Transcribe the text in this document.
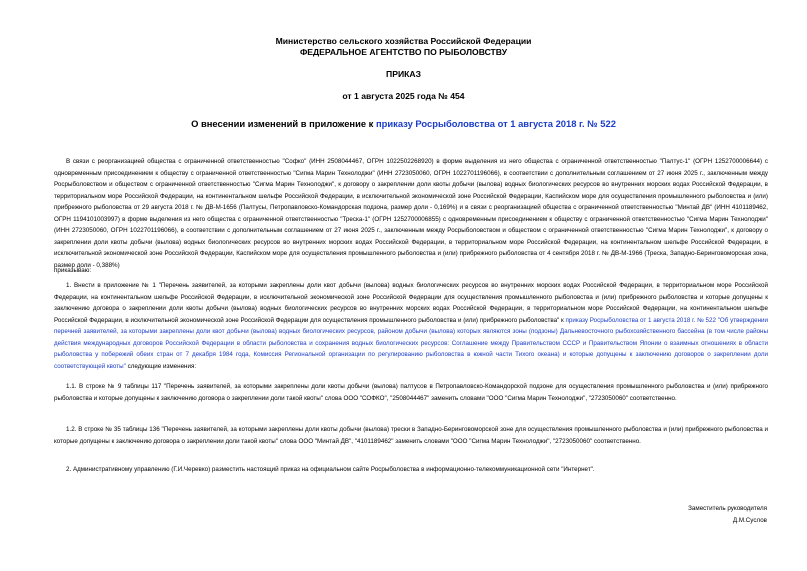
Министерство сельского хозяйства Российской Федерации
ФЕДЕРАЛЬНОЕ АГЕНТСТВО ПО РЫБОЛОВСТВУ
ПРИКАЗ
от 1 августа 2025 года № 454
О внесении изменений в приложение к приказу Росрыболовства от 1 августа 2018 г. № 522
В связи с реорганизацией общества с ограниченной ответственностью "Софко" (ИНН 2508044467, ОГРН 1022502268920) в форме выделения из него общества с ограниченной ответственностью "Палтус-1" (ОГРН 1252700006644) с одновременным присоединением к обществу с ограниченной ответственностью "Сигма Марин Технолоджи" (ИНН 2723050060, ОГРН 1022701196066), в соответствии с дополнительным соглашением от 27 июня 2025 г., заключенным между Росрыболовством и обществом с ограниченной ответственностью "Сигма Марин Технолоджи", к договору о закреплении доли квоты добычи (вылова) водных биологических ресурсов во внутренних морских водах Российской Федерации, в территориальном море Российской Федерации, на континентальном шельфе Российской Федерации, в исключительной экономической зоне Российской Федерации, Каспийском море для осуществления промышленного рыболовства и (или) прибрежного рыболовства от 29 августа 2018 г. № ДВ-М-1656 (Палтусы, Петропавловско-Командорская подзона, размер доли - 0,169%) и в связи с реорганизацией общества с ограниченной ответственностью "Минтай ДВ" (ИНН 4101189462, ОГРН 1194101003997) в форме выделения из него общества с ограниченной ответственностью "Треска-1" (ОГРН 1252700006855) с одновременным присоединением к обществу с ограниченной ответственностью "Сигма Марин Технолоджи" (ИНН 2723050060, ОГРН 1022701196066), в соответствии с дополнительным соглашением от 27 июня 2025 г., заключенным между Росрыболовством и обществом с ограниченной ответственностью "Сигма Марин Технолоджи", к договору о закреплении доли квоты добычи (вылова) водных биологических ресурсов во внутренних морских водах Российской Федерации, в территориальном море Российской Федерации, на континентальном шельфе Российской Федерации, в исключительной экономической зоне Российской Федерации, Каспийском море для осуществления промышленного рыболовства и (или) прибрежного рыболовства от 4 сентября 2018 г. № ДВ-М-1966 (Треска, Западно-Беринговоморская зона, размер доли - 0,388%)
приказываю:
1. Внести в приложение № 1 "Перечень заявителей, за которыми закреплены доли квот добычи (вылова) водных биологических ресурсов во внутренних морских водах Российской Федерации, в территориальном море Российской Федерации, на континентальном шельфе Российской Федерации, в исключительной экономической зоне Российской Федерации для осуществления промышленного рыболовства и (или) прибрежного рыболовства и которые допущены к заключению договора о закреплении доли квоты добычи (вылова) водных биологических ресурсов во внутренних морских водах Российской Федерации, в территориальном море Российской Федерации, на континентальном шельфе Российской Федерации, в исключительной экономической зоне Российской Федерации для осуществления промышленного рыболовства и (или) прибрежного рыболовства" к приказу Росрыболовства от 1 августа 2018 г. № 522 "Об утверждении перечней заявителей, за которыми закреплены доли квот добычи (вылова) водных биологических ресурсов, районом добычи (вылова) которых являются зоны (подзоны) Дальневосточного рыбохозяйственного бассейна (в том числе районы действия международных договоров Российской Федерации в области рыболовства и сохранения водных биологических ресурсов: Соглашение между Правительством СССР и Правительством Японии о взаимных отношениях в области рыболовства у побережий обеих стран от 7 декабря 1984 года, Комиссия Региональной организации по регулированию рыболовства в южной части Тихого океана) и которые допущены к заключению договоров о закреплении доли соответствующей квоты" следующие изменения:
1.1. В строке № 9 таблицы 117 "Перечень заявителей, за которыми закреплены доли квоты добычи (вылова) палтусов в Петропавловско-Командорской подзоне для осуществления промышленного рыболовства и (или) прибрежного рыболовства и которые допущены к заключению договора о закреплении доли такой квоты" слова ООО "СОФКО", "2508044467" заменить словами "ООО "Сигма Марин Технолоджи", "2723050060" соответственно.
1.2. В строке № 35 таблицы 136 "Перечень заявителей, за которыми закреплены доли квоты добычи (вылова) трески в Западно-Беринговоморской зоне для осуществления промышленного рыболовства и (или) прибрежного рыболовства и которые допущены к заключению договора о закреплении доли такой квоты" слова ООО "Минтай ДВ", "4101189462" заменить словами "ООО "Сигма Марин Технолоджи", "2723050060" соответственно.
2. Административному управлению (Г.И.Черевко) разместить настоящий приказ на официальном сайте Росрыболовства в информационно-телекоммуникационной сети "Интернет".
Заместитель руководителя
Д.М.Суслов
